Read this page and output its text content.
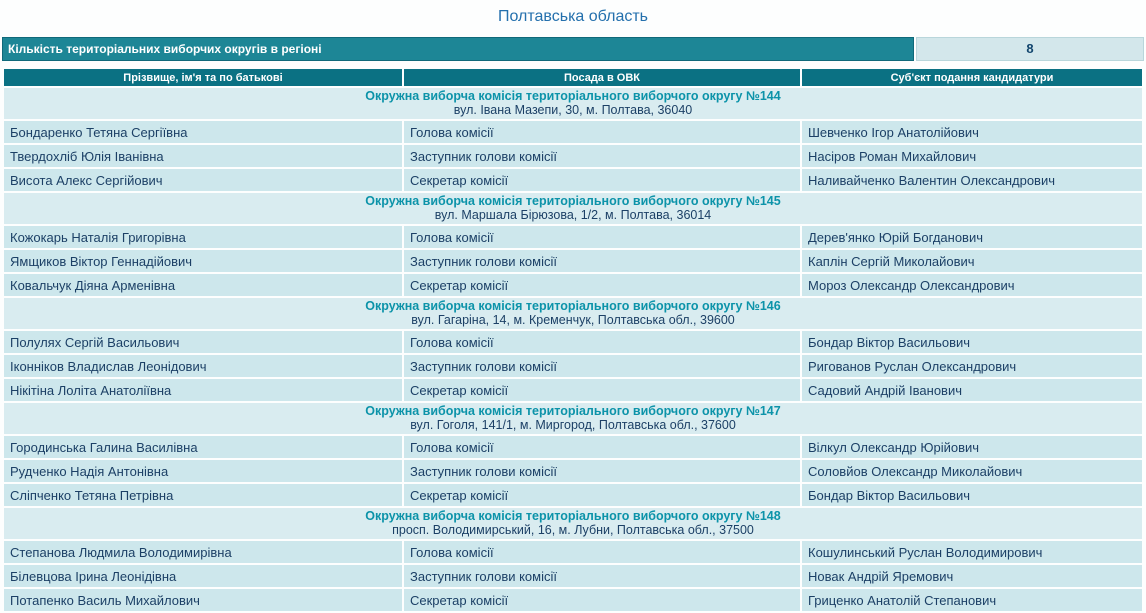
Полтавська область
Кількість територіальних виборчих округів в регіоні	8
Прізвище, ім'я та по батькові	Посада в ОВК	Суб'єкт подання кандидатури

Окружна виборча комісія територіального виборчого округу №144
вул. Івана Мазепи, 30, м. Полтава, 36040		

Бондаренко Тетяна Сергіївна	Голова комісії	Шевченко Ігор Анатолійович
Твердохліб Юлія Іванівна	Заступник голови комісії	Насіров Роман Михайлович
Висота Алекс Сергійович	Секретар комісії	Наливайченко Валентин Олександрович

Окружна виборча комісія територіального виборчого округу №145
вул. Маршала Бірюзова, 1/2, м. Полтава, 36014		

Кожокарь Наталія Григорівна	Голова комісії	Дерев'янко Юрій Богданович
Ямщиков Віктор Геннадійович	Заступник голови комісії	Каплін Сергій Миколайович
Ковальчук Діяна Арменівна	Секретар комісії	Мороз Олександр Олександрович

Окружна виборча комісія територіального виборчого округу №146
вул. Гагаріна, 14, м. Кременчук, Полтавська обл., 39600		

Полулях Сергій Васильович	Голова комісії	Бондар Віктор Васильович
Іконніков Владислав Леонідович	Заступник голови комісії	Ригованов Руслан Олександрович
Нікітіна Лоліта Анатоліївна	Секретар комісії	Садовий Андрій Іванович

Окружна виборча комісія територіального виборчого округу №147
вул. Гоголя, 141/1, м. Миргород, Полтавська обл., 37600		

Городинська Галина Василівна	Голова комісії	Вілкул Олександр Юрійович
Рудченко Надія Антонівна	Заступник голови комісії	Соловйов Олександр Миколайович
Сліпченко Тетяна Петрівна	Секретар комісії	Бондар Віктор Васильович

Окружна виборча комісія територіального виборчого округу №148
просп. Володимирський, 16, м. Лубни, Полтавська обл., 37500		

Степанова Людмила Володимирівна	Голова комісії	Кошулинський Руслан Володимирович
Білевцова Ірина Леонідівна	Заступник голови комісії	Новак Андрій Яремович
Потапенко Василь Михайлович	Секретар комісії	Гриценко Анатолій Степанович
